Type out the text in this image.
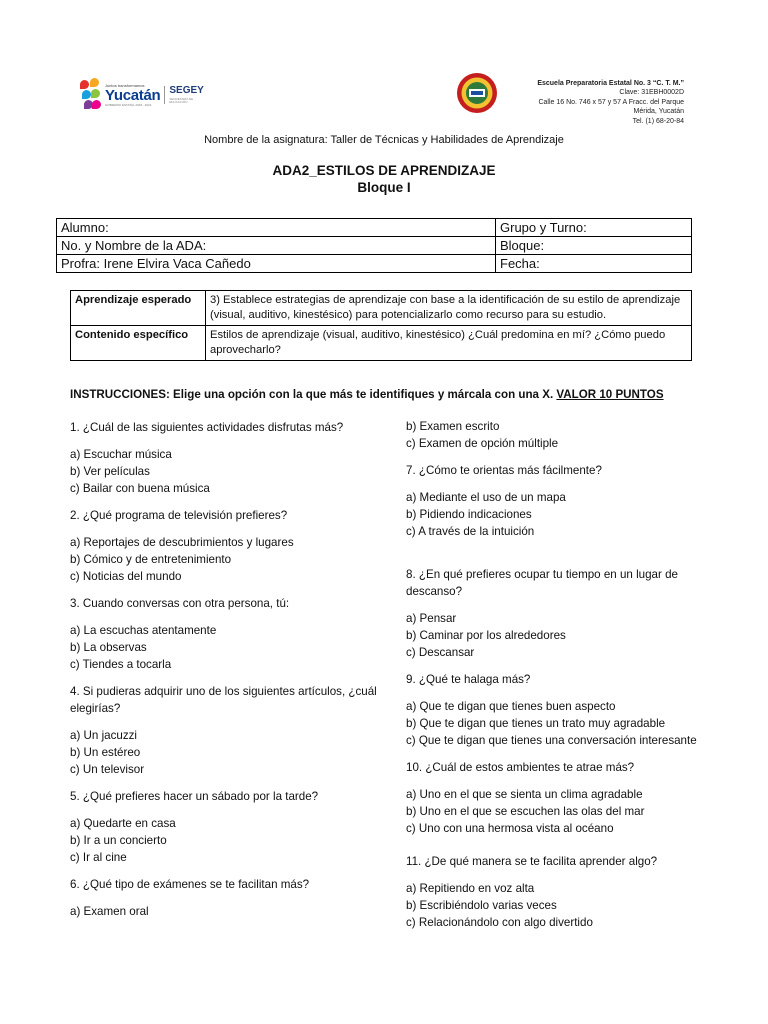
Juntos transformamos
Yucatán
GOBIERNO ESTATAL 2018 - 2024
SEGEY
SECRETARÍA DE EDUCACIÓN
Escuela Preparatoria Estatal No. 3 “C. T. M.”
Clave: 31EBH0002D
Calle 16 No. 746 x 57 y 57 A Fracc. del Parque
Mérida, Yucatán
Tel. (1) 68-20-84
Nombre de la asignatura: Taller de Técnicas y Habilidades de Aprendizaje
ADA2_ESTILOS DE APRENDIZAJE
Bloque I
Alumno:	Grupo y Turno:
No. y Nombre de la ADA:	Bloque:
Profra: Irene Elvira Vaca Cañedo	Fecha:
Aprendizaje esperado	3) Establece estrategias de aprendizaje con base a la identificación de su estilo de aprendizaje (visual, auditivo, kinestésico) para potencializarlo como recurso para su estudio.
Contenido específico	Estilos de aprendizaje (visual, auditivo, kinestésico) ¿Cuál predomina en mí? ¿Cómo puedo aprovecharlo?
INSTRUCCIONES: Elige una opción con la que más te identifiques y márcala con una X. VALOR 10 PUNTOS

1. ¿Cuál de las siguientes actividades disfrutas más?

a) Escuchar música

b) Ver películas

c) Bailar con buena música

2. ¿Qué programa de televisión prefieres?

a) Reportajes de descubrimientos y lugares

b) Cómico y de entretenimiento

c) Noticias del mundo

3. Cuando conversas con otra persona, tú:

a) La escuchas atentamente

b) La observas

c) Tiendes a tocarla

4. Si pudieras adquirir uno de los siguientes artículos, ¿cuál elegirías?

a) Un jacuzzi

b) Un estéreo

c) Un televisor

5. ¿Qué prefieres hacer un sábado por la tarde?

a) Quedarte en casa

b) Ir a un concierto

c) Ir al cine

6. ¿Qué tipo de exámenes se te facilitan más?

a) Examen oral

b) Examen escrito

c) Examen de opción múltiple

7. ¿Cómo te orientas más fácilmente?

a) Mediante el uso de un mapa

b) Pidiendo indicaciones

c) A través de la intuición

8. ¿En qué prefieres ocupar tu tiempo en un lugar de descanso?

a) Pensar

b) Caminar por los alrededores

c) Descansar

9. ¿Qué te halaga más?

a) Que te digan que tienes buen aspecto

b) Que te digan que tienes un trato muy agradable

c) Que te digan que tienes una conversación interesante

10. ¿Cuál de estos ambientes te atrae más?

a) Uno en el que se sienta un clima agradable

b) Uno en el que se escuchen las olas del mar

c) Uno con una hermosa vista al océano

11. ¿De qué manera se te facilita aprender algo?

a) Repitiendo en voz alta

b) Escribiéndolo varias veces

c) Relacionándolo con algo divertido
